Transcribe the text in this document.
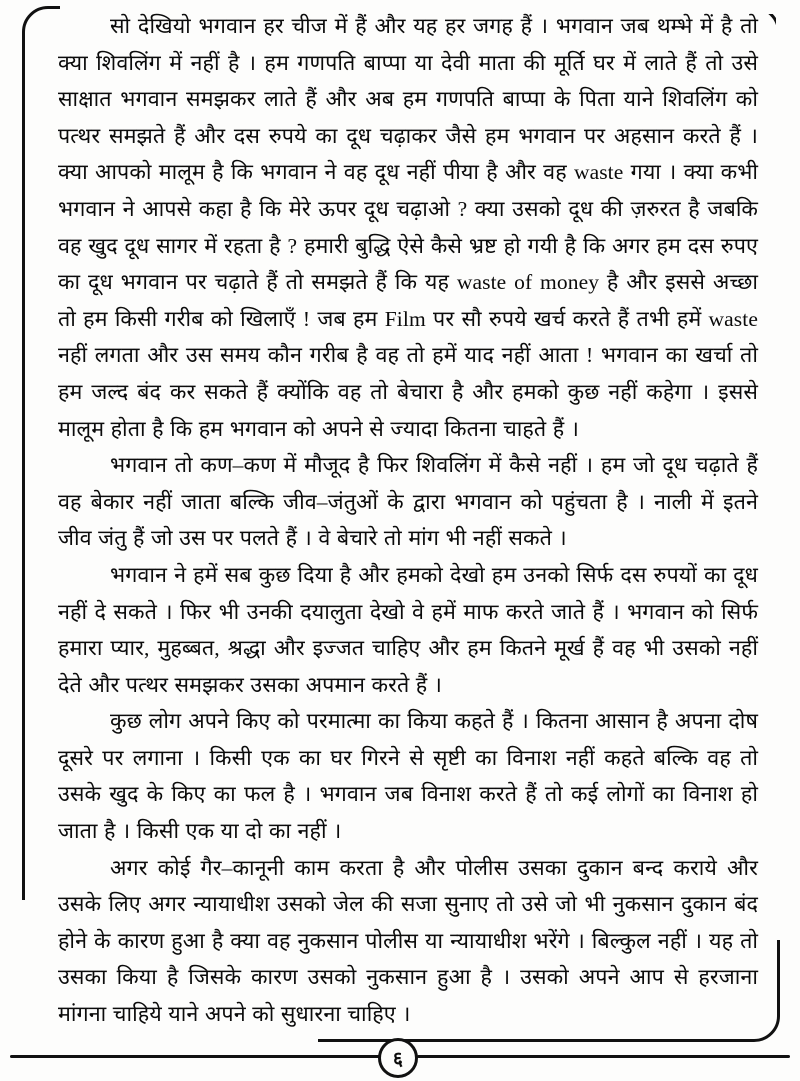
सो देखियो भगवान हर चीज में हैं और यह हर जगह हैं । भगवान जब थम्भे में है तो क्या शिवलिंग में नहीं है । हम गणपति बाप्पा या देवी माता की मूर्ति घर में लाते हैं तो उसे साक्षात भगवान समझकर लाते हैं और अब हम गणपति बाप्पा के पिता याने शिवलिंग को पत्थर समझते हैं और दस रुपये का दूध चढ़ाकर जैसे हम भगवान पर अहसान करते हैं । क्या आपको मालूम है कि भगवान ने वह दूध नहीं पीया है और वह waste गया । क्या कभी भगवान ने आपसे कहा है कि मेरे ऊपर दूध चढ़ाओ ? क्या उसको दूध की ज़रुरत है जबकि वह खुद दूध सागर में रहता है ? हमारी बुद्धि ऐसे कैसे भ्रष्ट हो गयी है कि अगर हम दस रुपए का दूध भगवान पर चढ़ाते हैं तो समझते हैं कि यह waste of money है और इससे अच्छा तो हम किसी गरीब को खिलाएँ ! जब हम Film पर सौ रुपये खर्च करते हैं तभी हमें waste नहीं लगता और उस समय कौन गरीब है वह तो हमें याद नहीं आता ! भगवान का खर्चा तो हम जल्द बंद कर सकते हैं क्योंकि वह तो बेचारा है और हमको कुछ नहीं कहेगा । इससे मालूम होता है कि हम भगवान को अपने से ज्यादा कितना चाहते हैं ।

भगवान तो कण–कण में मौजूद है फिर शिवलिंग में कैसे नहीं । हम जो दूध चढ़ाते हैं वह बेकार नहीं जाता बल्कि जीव–जंतुओं के द्वारा भगवान को पहुंचता है । नाली में इतने जीव जंतु हैं जो उस पर पलते हैं । वे बेचारे तो मांग भी नहीं सकते ।

भगवान ने हमें सब कुछ दिया है और हमको देखो हम उनको सिर्फ दस रुपयों का दूध नहीं दे सकते । फिर भी उनकी दयालुता देखो वे हमें माफ करते जाते हैं । भगवान को सिर्फ हमारा प्यार, मुहब्बत, श्रद्धा और इज्जत चाहिए और हम कितने मूर्ख हैं वह भी उसको नहीं देते और पत्थर समझकर उसका अपमान करते हैं ।

कुछ लोग अपने किए को परमात्मा का किया कहते हैं । कितना आसान है अपना दोष दूसरे पर लगाना । किसी एक का घर गिरने से सृष्टी का विनाश नहीं कहते बल्कि वह तो उसके खुद के किए का फल है । भगवान जब विनाश करते हैं तो कई लोगों का विनाश हो जाता है । किसी एक या दो का नहीं ।

अगर कोई गैर–कानूनी काम करता है और पोलीस उसका दुकान बन्द कराये और उसके लिए अगर न्यायाधीश उसको जेल की सजा सुनाए तो उसे जो भी नुकसान दुकान बंद होने के कारण हुआ है क्या वह नुकसान पोलीस या न्यायाधीश भरेंगे । बिल्कुल नहीं । यह तो उसका किया है जिसके कारण उसको नुकसान हुआ है । उसको अपने आप से हरजाना मांगना चाहिये याने अपने को सुधारना चाहिए ।

६
